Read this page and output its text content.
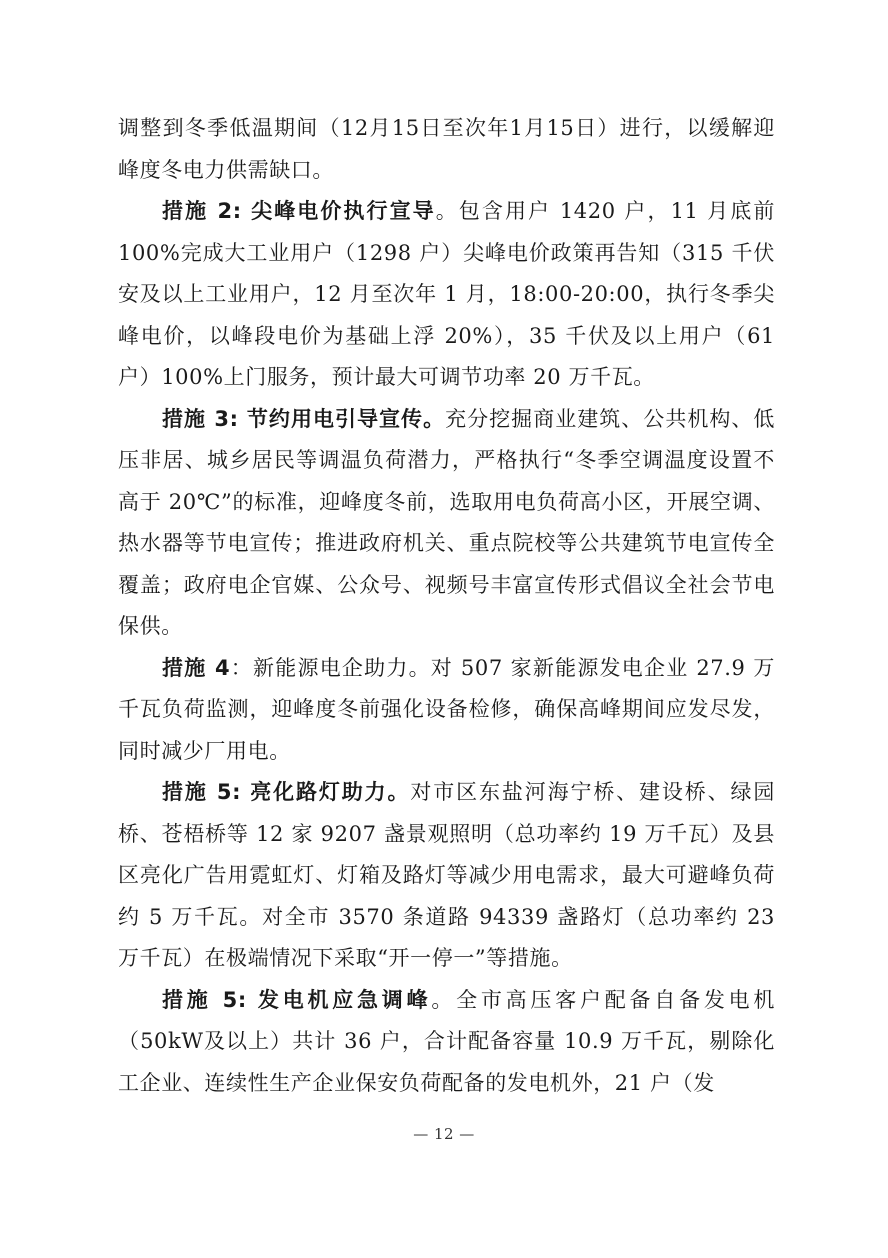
调整到冬季低温期间（12月15日至次年1月15日）进行，以缓解迎峰度冬电力供需缺口。

措施 2: 尖峰电价执行宣导。包含用户 1420 户，11 月底前 100%完成大工业用户（1298 户）尖峰电价政策再告知（315 千伏安及以上工业用户，12 月至次年 1 月，18:00-20:00，执行冬季尖峰电价，以峰段电价为基础上浮 20%），35 千伏及以上用户（61 户）100%上门服务，预计最大可调节功率 20 万千瓦。

措施 3: 节约用电引导宣传。充分挖掘商业建筑、公共机构、低压非居、城乡居民等调温负荷潜力，严格执行“冬季空调温度设置不高于 20℃”的标准，迎峰度冬前，选取用电负荷高小区，开展空调、热水器等节电宣传；推进政府机关、重点院校等公共建筑节电宣传全覆盖；政府电企官媒、公众号、视频号丰富宣传形式倡议全社会节电保供。

措施 4：新能源电企助力。对 507 家新能源发电企业 27.9 万千瓦负荷监测，迎峰度冬前强化设备检修，确保高峰期间应发尽发，同时减少厂用电。

措施 5: 亮化路灯助力。对市区东盐河海宁桥、建设桥、绿园桥、苍梧桥等 12 家 9207 盏景观照明（总功率约 19 万千瓦）及县区亮化广告用霓虹灯、灯箱及路灯等减少用电需求，最大可避峰负荷约 5 万千瓦。对全市 3570 条道路 94339 盏路灯（总功率约 23 万千瓦）在极端情况下采取“开一停一”等措施。

措施 5: 发电机应急调峰。全市高压客户配备自备发电机（50kW及以上）共计 36 户，合计配备容量 10.9 万千瓦，剔除化工企业、连续性生产企业保安负荷配备的发电机外，21 户（发

— 12 —
